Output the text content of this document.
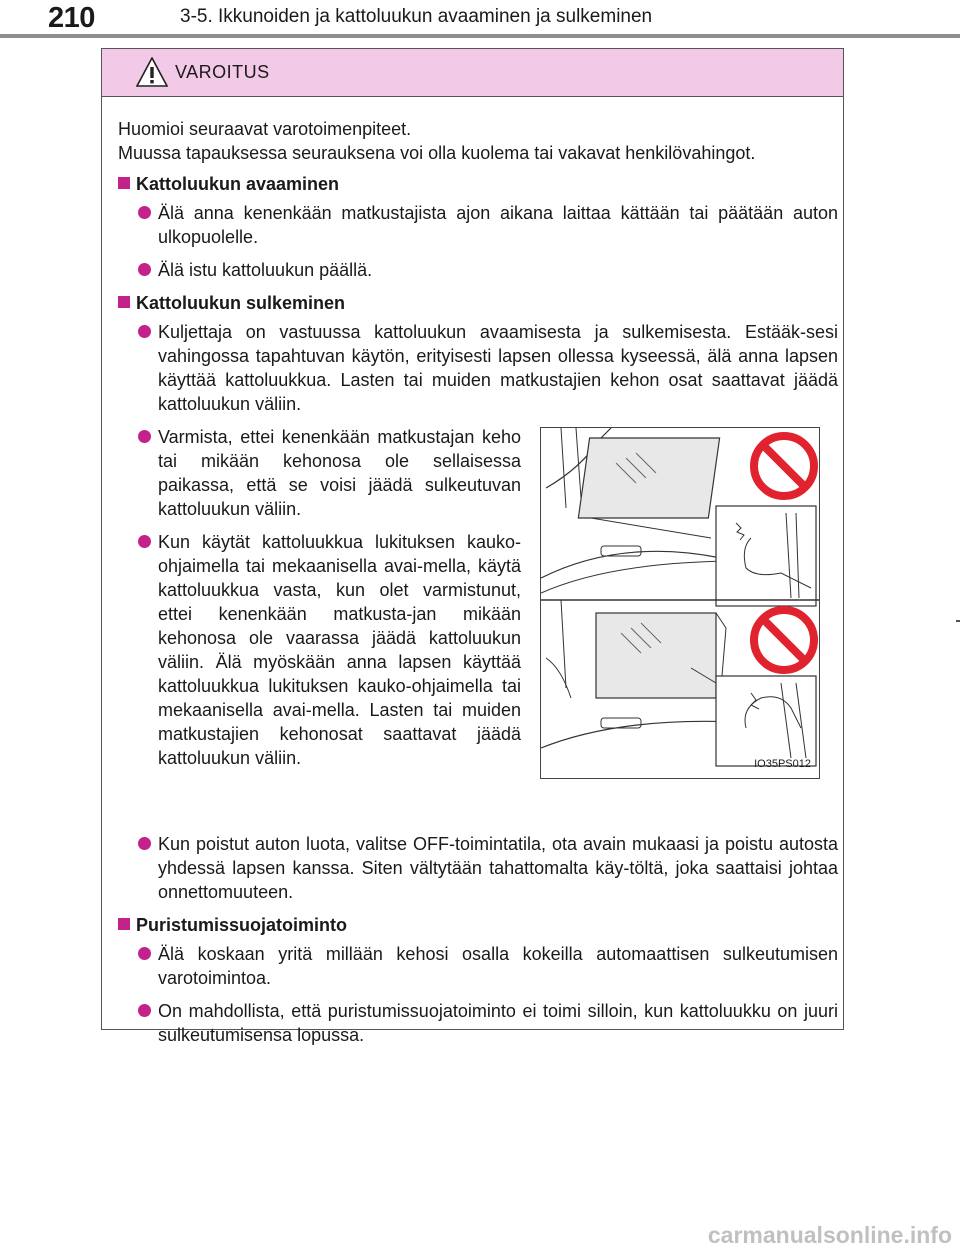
210	3-5. Ikkunoiden ja kattoluukun avaaminen ja sulkeminen
VAROITUS

Huomioi seuraavat varotoimenpiteet.

Muussa tapauksessa seurauksena voi olla kuolema tai vakavat henkilövahingot.

Kattoluukun avaaminen
Älä anna kenenkään matkustajista ajon aikana laittaa kättään tai päätään auton ulkopuolelle.
Älä istu kattoluukun päällä.
Kattoluukun sulkeminen
Kuljettaja on vastuussa kattoluukun avaamisesta ja sulkemisesta. Estääk-sesi vahingossa tapahtuvan käytön, erityisesti lapsen ollessa kyseessä, älä anna lapsen käyttää kattoluukkua. Lasten tai muiden matkustajien kehon osat saattavat jäädä kattoluukun väliin.
Varmista, ettei kenenkään matkustajan keho tai mikään kehonosa ole sellaisessa paikassa, että se voisi jäädä sulkeutuvan kattoluukun väliin.
Kun käytät kattoluukkua lukituksen kauko-ohjaimella tai mekaanisella avai-mella, käytä kattoluukkua vasta, kun olet varmistunut, ettei kenenkään matkusta-jan mikään kehonosa ole vaarassa jäädä kattoluukun väliin. Älä myöskään anna lapsen käyttää kattoluukkua lukituksen kauko-ohjaimella tai mekaanisella avai-mella. Lasten tai muiden matkustajien kehonosat saattavat jäädä kattoluukun väliin.	IO35PS012
Kun poistut auton luota, valitse OFF-toimintatila, ota avain mukaasi ja poistu autosta yhdessä lapsen kanssa. Siten vältytään tahattomalta käy-töltä, joka saattaisi johtaa onnettomuuteen.
Puristumissuojatoiminto
Älä koskaan yritä millään kehosi osalla kokeilla automaattisen sulkeutumisen varotoimintoa.
On mahdollista, että puristumissuojatoiminto ei toimi silloin, kun kattoluukku on juuri sulkeutumisensa lopussa.
carmanualsonline.info
